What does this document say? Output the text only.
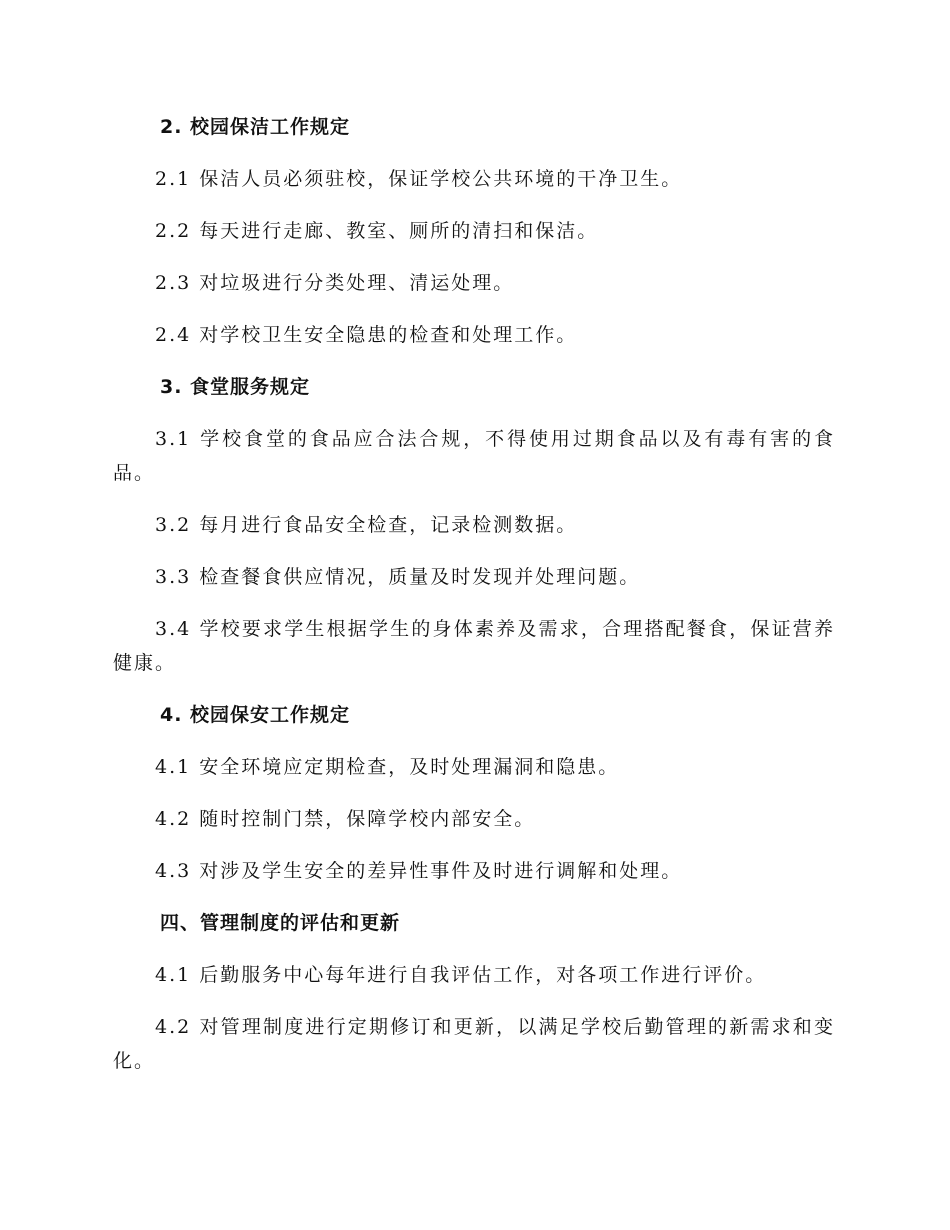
2. 校园保洁工作规定

2.1 保洁人员必须驻校，保证学校公共环境的干净卫生。

2.2 每天进行走廊、教室、厕所的清扫和保洁。

2.3 对垃圾进行分类处理、清运处理。

2.4 对学校卫生安全隐患的检查和处理工作。

3. 食堂服务规定

3.1 学校食堂的食品应合法合规，不得使用过期食品以及有毒有害的食品。

3.2 每月进行食品安全检查，记录检测数据。

3.3 检查餐食供应情况，质量及时发现并处理问题。

3.4 学校要求学生根据学生的身体素养及需求，合理搭配餐食，保证营养健康。

4. 校园保安工作规定

4.1 安全环境应定期检查，及时处理漏洞和隐患。

4.2 随时控制门禁，保障学校内部安全。

4.3 对涉及学生安全的差异性事件及时进行调解和处理。

四、管理制度的评估和更新

4.1 后勤服务中心每年进行自我评估工作，对各项工作进行评价。

4.2 对管理制度进行定期修订和更新，以满足学校后勤管理的新需求和变化。
